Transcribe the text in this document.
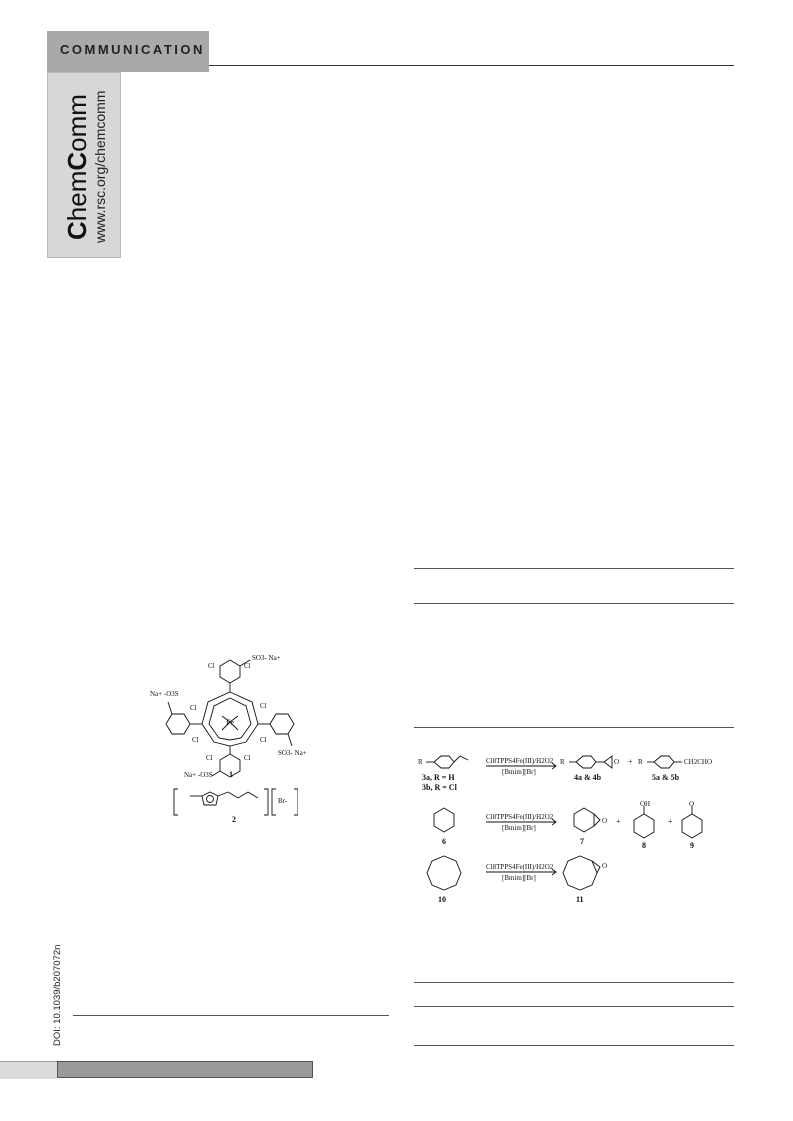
COMMUNICATION
ChemComm www.rsc.org/chemcomm
DOI: 10.1039/b207072n
Fe
Cl	Cl
SO3- Na+
Na+ -O3S
Cl
Cl
Cl
Cl
SO3- Na+
Cl	Cl
Na+ -O3S 1
Br-
2
R	Cl8TPPS4Fe(III)/H2O2
[Bmim][Br]
R	O + R	CH2CHO
3a, R = H
3b, R = Cl
4a & 4b	5a & 5b
Cl8TPPS4Fe(III)/H2O2
[Bmim][Br]
O +
OH
+
O
6	7	8	9
Cl8TPPS4Fe(III)/H2O2
[Bmim][Br]
O
10	11
